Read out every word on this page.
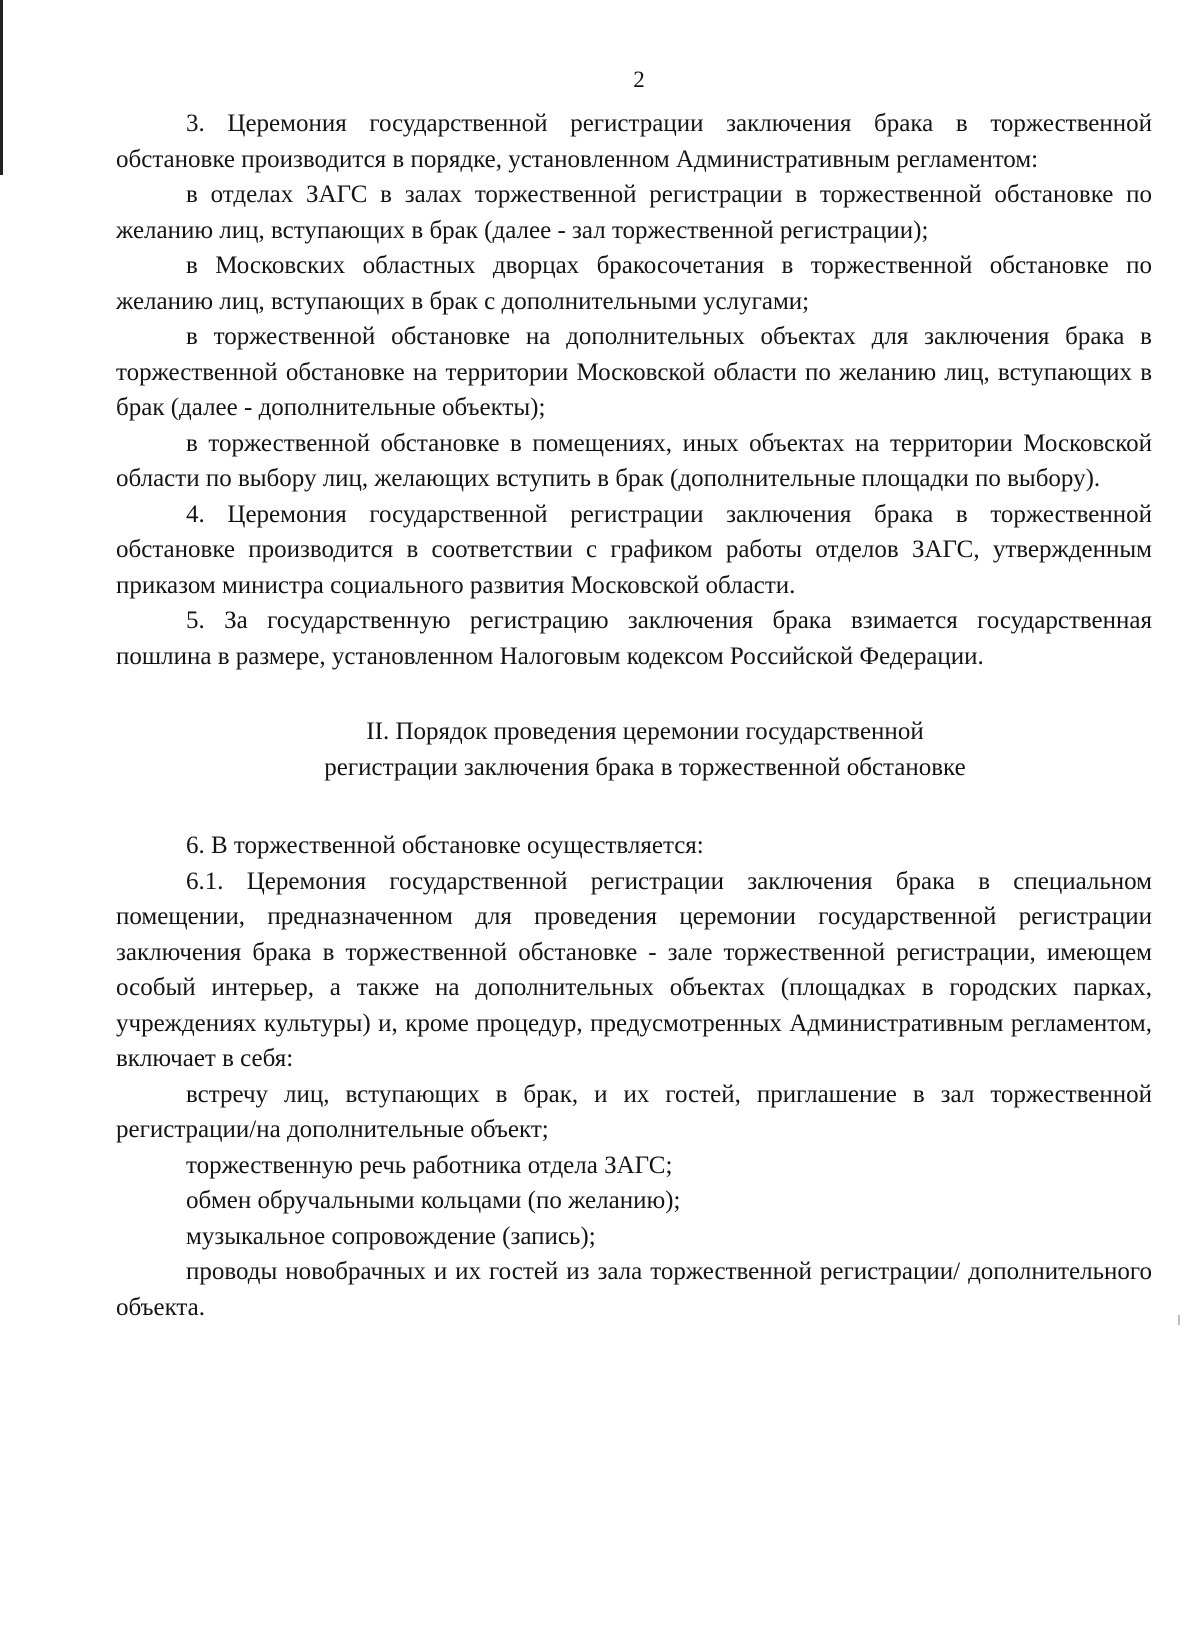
2

3. Церемония государственной регистрации заключения брака в торжественной обстановке производится в порядке, установленном Административным регламентом:

в отделах ЗАГС в залах торжественной регистрации в торжественной обстановке по желанию лиц, вступающих в брак (далее - зал торжественной регистрации);

в Московских областных дворцах бракосочетания в торжественной обстановке по желанию лиц, вступающих в брак с дополнительными услугами;

в торжественной обстановке на дополнительных объектах для заключения брака в торжественной обстановке на территории Московской области по желанию лиц, вступающих в брак (далее - дополнительные объекты);

в торжественной обстановке в помещениях, иных объектах на территории Московской области по выбору лиц, желающих вступить в брак (дополнительные площадки по выбору).

4. Церемония государственной регистрации заключения брака в торжественной обстановке производится в соответствии с графиком работы отделов ЗАГС, утвержденным приказом министра социального развития Московской области.

5. За государственную регистрацию заключения брака взимается государственная пошлина в размере, установленном Налоговым кодексом Российской Федерации.

II. Порядок проведения церемонии государственной
регистрации заключения брака в торжественной обстановке

6. В торжественной обстановке осуществляется:

6.1. Церемония государственной регистрации заключения брака в специальном помещении, предназначенном для проведения церемонии государственной регистрации заключения брака в торжественной обстановке - зале торжественной регистрации, имеющем особый интерьер, а также на дополнительных объектах (площадках в городских парках, учреждениях культуры) и, кроме процедур, предусмотренных Административным регламентом, включает в себя:

встречу лиц, вступающих в брак, и их гостей, приглашение в зал торжественной регистрации/на дополнительные объект;

торжественную речь работника отдела ЗАГС;

обмен обручальными кольцами (по желанию);

музыкальное сопровождение (запись);

проводы новобрачных и их гостей из зала торжественной регистрации/ дополнительного объекта.
